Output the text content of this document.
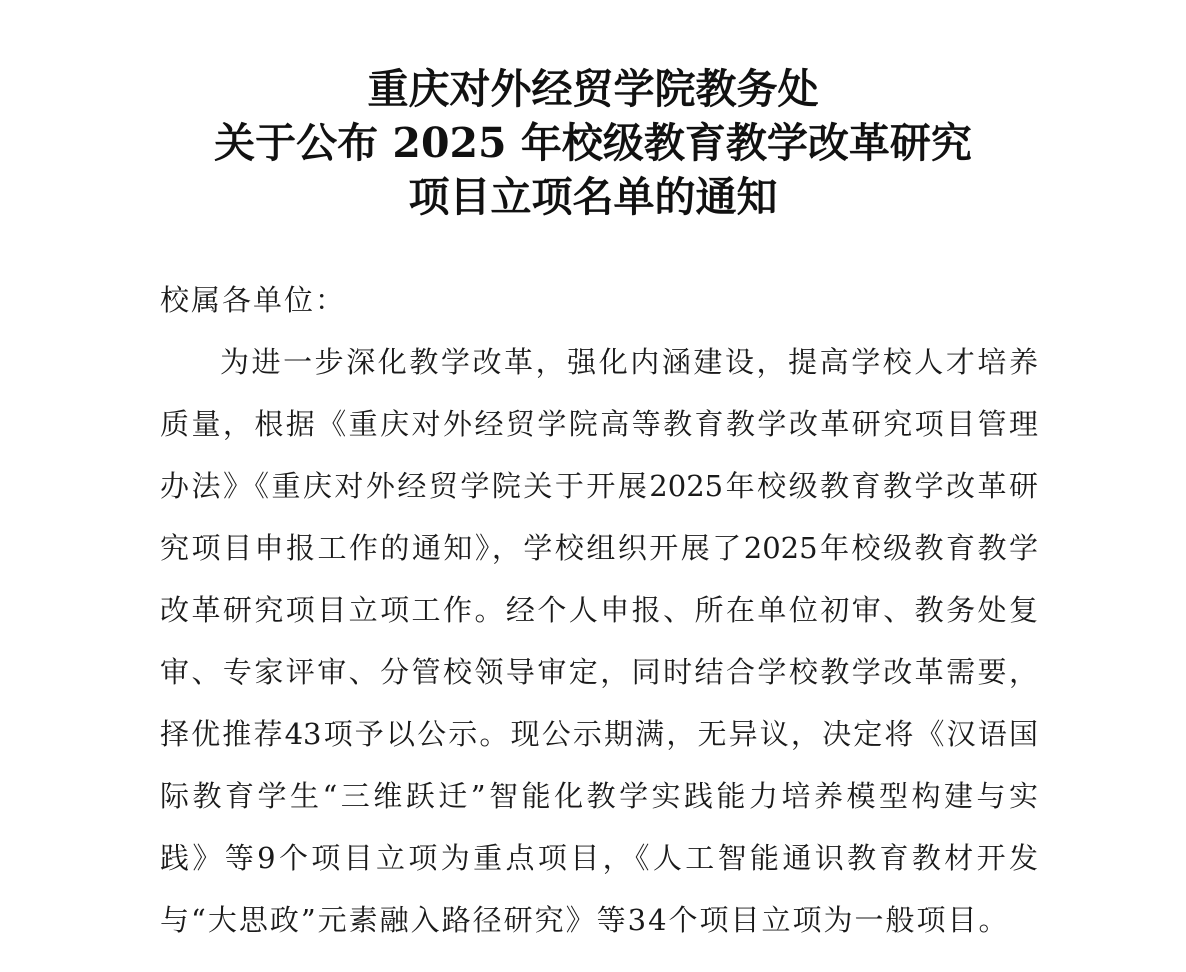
重庆对外经贸学院教务处
关于公布 2025 年校级教育教学改革研究
项目立项名单的通知
校属各单位：
为进一步深化教学改革，强化内涵建设，提高学校人才培养
质量，根据《重庆对外经贸学院高等教育教学改革研究项目管理
办法》《重庆对外经贸学院关于开展2025年校级教育教学改革研
究项目申报工作的通知》，学校组织开展了2025年校级教育教学
改革研究项目立项工作。经个人申报、所在单位初审、教务处复
审、专家评审、分管校领导审定，同时结合学校教学改革需要，
择优推荐43项予以公示。现公示期满，无异议，决定将《汉语国
际教育学生“三维跃迁”智能化教学实践能力培养模型构建与实
践》等9个项目立项为重点项目，《人工智能通识教育教材开发
与“大思政”元素融入路径研究》等34个项目立项为一般项目。
